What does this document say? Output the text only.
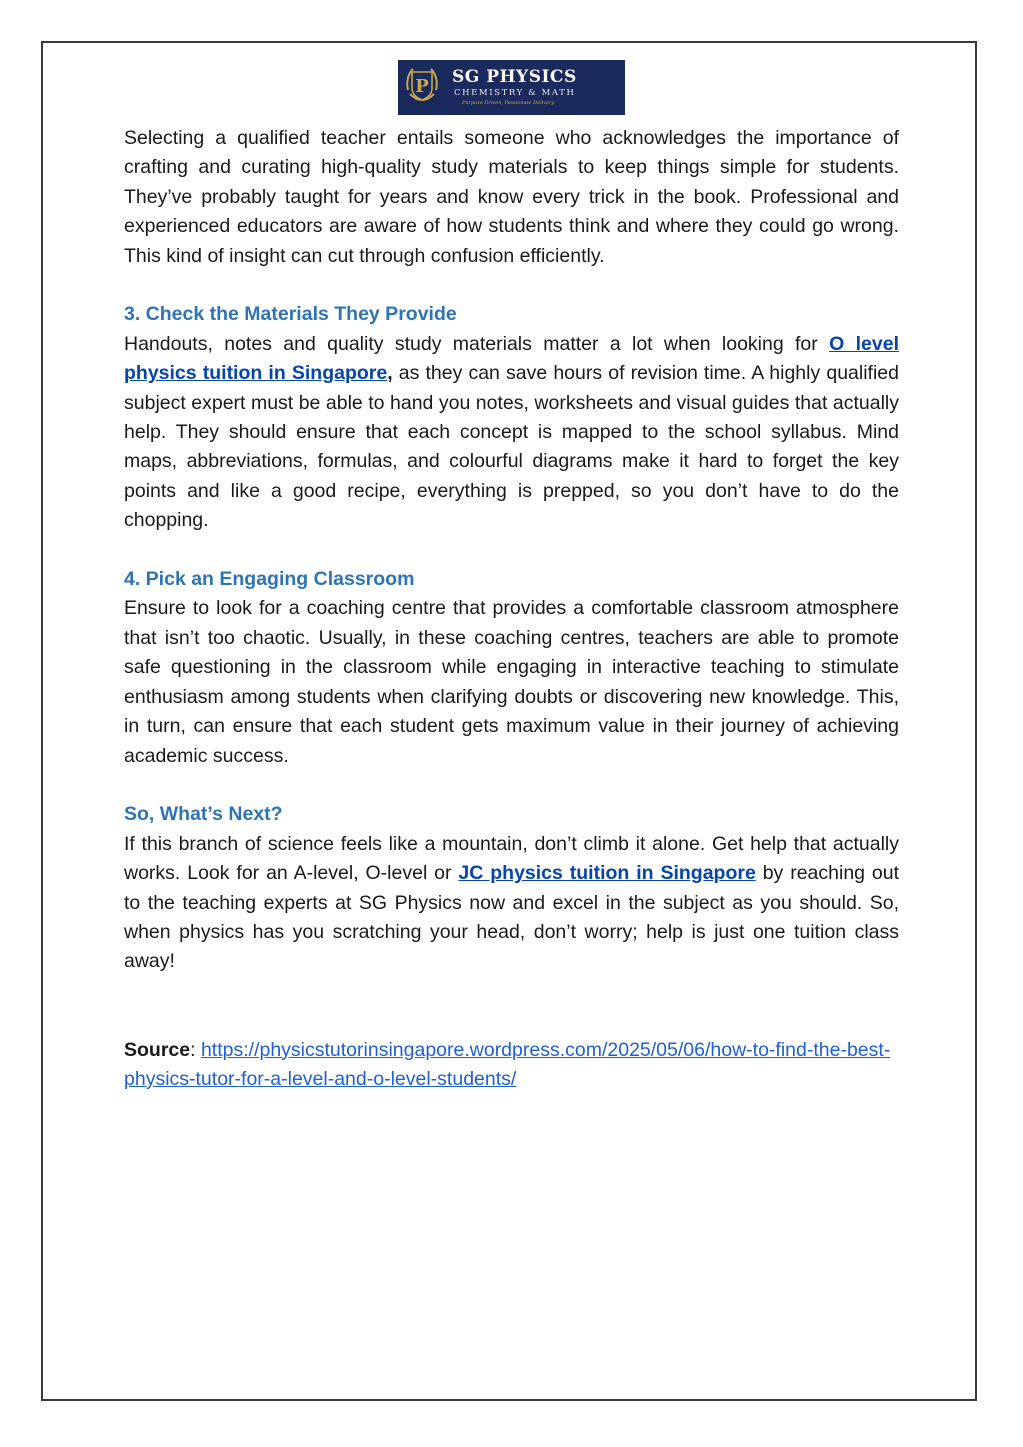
P SG PHYSICS
CHEMISTRY & MATH
Purpose Driven, Passionate Delivery

Selecting a qualified teacher entails someone who acknowledges the importance of crafting and curating high-quality study materials to keep things simple for students. They’ve probably taught for years and know every trick in the book. Professional and experienced educators are aware of how students think and where they could go wrong. This kind of insight can cut through confusion efficiently.

3. Check the Materials They Provide

Handouts, notes and quality study materials matter a lot when looking for O level physics tuition in Singapore, as they can save hours of revision time. A highly qualified subject expert must be able to hand you notes, worksheets and visual guides that actually help. They should ensure that each concept is mapped to the school syllabus. Mind maps, abbreviations, formulas, and colourful diagrams make it hard to forget the key points and like a good recipe, everything is prepped, so you don’t have to do the chopping.

4. Pick an Engaging Classroom

Ensure to look for a coaching centre that provides a comfortable classroom atmosphere that isn’t too chaotic. Usually, in these coaching centres, teachers are able to promote safe questioning in the classroom while engaging in interactive teaching to stimulate enthusiasm among students when clarifying doubts or discovering new knowledge. This, in turn, can ensure that each student gets maximum value in their journey of achieving academic success.

So, What’s Next?

If this branch of science feels like a mountain, don’t climb it alone. Get help that actually works. Look for an A-level, O-level or JC physics tuition in Singapore by reaching out to the teaching experts at SG Physics now and excel in the subject as you should. So, when physics has you scratching your head, don’t worry; help is just one tuition class away!

Source: https://physicstutorinsingapore.wordpress.com/2025/05/06/how-to-find-the-best-physics-tutor-for-a-level-and-o-level-students/
